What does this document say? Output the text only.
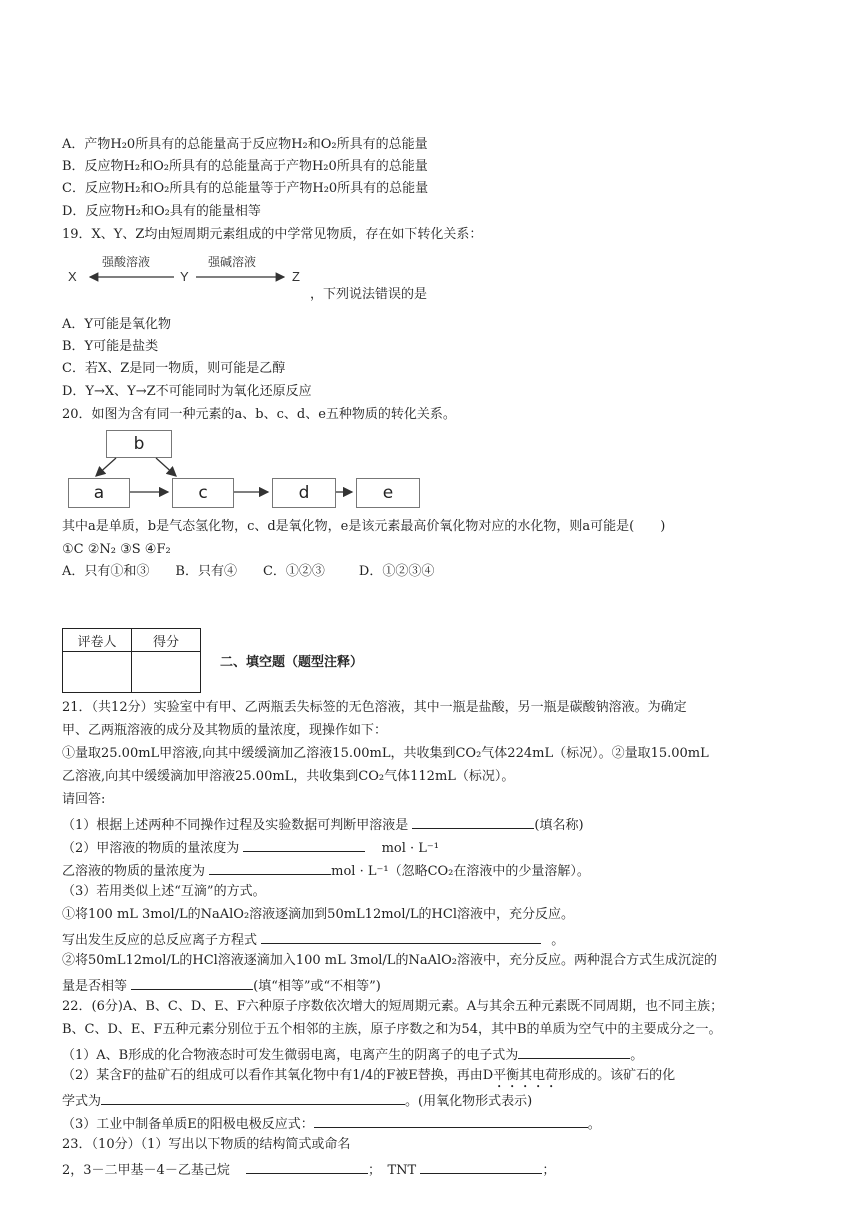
A．产物H₂0所具有的总能量高于反应物H₂和O₂所具有的总能量
B．反应物H₂和O₂所具有的总能量高于产物H₂0所具有的总能量
C．反应物H₂和O₂所具有的总能量等于产物H₂0所具有的总能量
D．反应物H₂和O₂具有的能量相等
19．X、Y、Z均由短周期元素组成的中学常见物质，存在如下转化关系：
X
强酸溶液
Y
强碱溶液
Z
，下列说法错误的是
A．Y可能是氧化物
B．Y可能是盐类
C．若X、Z是同一物质，则可能是乙醇
D．Y→X、Y→Z不可能同时为氧化还原反应
20．如图为含有同一种元素的a、b、c、d、e五种物质的转化关系。
b
a	c	d	e
其中a是单质，b是气态氢化物，c、d是氧化物，e是该元素最高价氧化物对应的水化物，则a可能是(　　)
①C ②N₂ ③S ④F₂
A．只有①和③ B．只有④ C．①②③	D．①②③④
评卷人	得分

二、填空题（题型注释）
21．（共12分）实验室中有甲、乙两瓶丢失标签的无色溶液，其中一瓶是盐酸，另一瓶是碳酸钠溶液。为确定
甲、乙两瓶溶液的成分及其物质的量浓度，现操作如下：
①量取25.00mL甲溶液,向其中缓缓滴加乙溶液15.00mL，共收集到CO₂气体224mL（标况）。②量取15.00mL
乙溶液,向其中缓缓滴加甲溶液25.00mL，共收集到CO₂气体112mL（标况）。
请回答:
（1）根据上述两种不同操作过程及实验数据可判断甲溶液是	(填名称)
（2）甲溶液的物质的量浓度为	mol · L⁻¹
乙溶液的物质的量浓度为	mol · L⁻¹（忽略CO₂在溶液中的少量溶解）。
（3）若用类似上述“互滴”的方式。
①将100 mL 3mol/L的NaAlO₂溶液逐滴加到50mL12mol/L的HCl溶液中，充分反应。
写出发生反应的总反应离子方程式	。
②将50mL12mol/L的HCl溶液逐滴加入100 mL 3mol/L的NaAlO₂溶液中，充分反应。两种混合方式生成沉淀的
量是否相等	(填“相等”或“不相等”)
22．(6分)A、B、C、D、E、F六种原子序数依次增大的短周期元素。A与其余五种元素既不同周期，也不同主族；
B、C、D、E、F五种元素分别位于五个相邻的主族，原子序数之和为54，其中B的单质为空气中的主要成分之一。
（1）A、B形成的化合物液态时可发生微弱电离，电离产生的阴离子的电子式为	。
（2）某含F的盐矿石的组成可以看作其氧化物中有1/4的F被E替换，再由D平衡其电荷形成的。该矿石的化
学式为	。(用氧化物形式表示)
（3）工业中制备单质E的阳极电极反应式：	。
23．（10分）（1）写出以下物质的结构简式或命名
2，3－二甲基－4－乙基己烷	；　TNT	；
